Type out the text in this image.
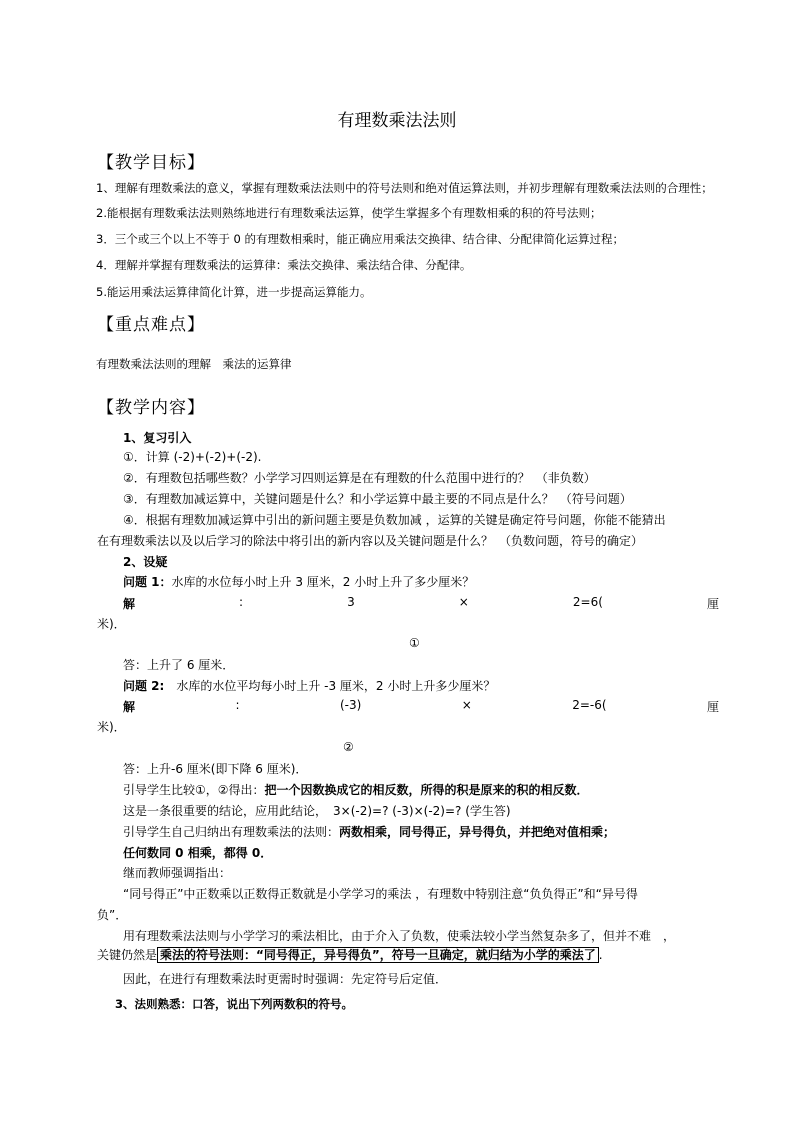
有理数乘法法则
【教学目标】
1、理解有理数乘法的意义，掌握有理数乘法法则中的符号法则和绝对值运算法则，并初步理解有理数乘法法则的合理性；
2.能根据有理数乘法法则熟练地进行有理数乘法运算，使学生掌握多个有理数相乘的积的符号法则；
3．三个或三个以上不等于 0 的有理数相乘时，能正确应用乘法交换律、结合律、分配律简化运算过程；
4．理解并掌握有理数乘法的运算律：乘法交换律、乘法结合律、分配律。
5.能运用乘法运算律简化计算，进一步提高运算能力。
【重点难点】
有理数乘法法则的理解　乘法的运算律
【教学内容】
1、复习引入
①．计算 (-2)+(-2)+(-2).
②．有理数包括哪些数？小学学习四则运算是在有理数的什么范围中进行的？　（非负数）
③．有理数加减运算中，关键问题是什么？和小学运算中最主要的不同点是什么？　（符号问题）
④．根据有理数加减运算中引出的新问题主要是负数加减 ，运算的关键是确定符号问题，你能不能猜出
在有理数乘法以及以后学习的除法中将引出的新内容以及关键问题是什么？　（负数问题，符号的确定）
2、设疑
问题 1：水库的水位每小时上升 3 厘米，2 小时上升了多少厘米？
解	:	3	×	2=6(	厘
米)．
①
答：上升了 6 厘米．
问题 2:　水库的水位平均每小时上升 -3 厘米，2 小时上升多少厘米？
解	:	(-3)	×	2=-6(	厘
米)．
②
答：上升-6 厘米(即下降 6 厘米)．
引导学生比较①，②得出：把一个因数换成它的相反数，所得的积是原来的积的相反数．
这是一条很重要的结论，应用此结论，　3×(-2)=? (-3)×(-2)=? (学生答)
引导学生自己归纳出有理数乘法的法则：两数相乘，同号得正，异号得负，并把绝对值相乘；
任何数同 0 相乘，都得 0．
继而教师强调指出：
“同号得正”中正数乘以正数得正数就是小学学习的乘法 ，有理数中特别注意“负负得正”和“异号得
负”．
用有理数乘法法则与小学学习的乘法相比，由于介入了负数，使乘法较小学当然复杂多了，但并不难　，
关键仍然是 乘法的符号法则：“同号得正，异号得负”，符号一旦确定，就归结为小学的乘法了 .
因此，在进行有理数乘法时更需时时强调：先定符号后定值．
3、法则熟悉：口答，说出下列两数积的符号。
